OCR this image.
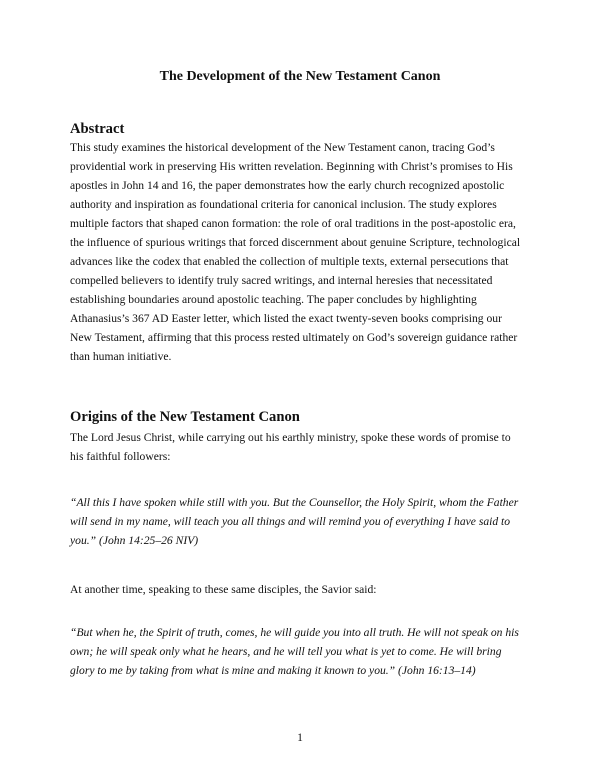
The Development of the New Testament Canon
Abstract
This study examines the historical development of the New Testament canon, tracing God’s
providential work in preserving His written revelation. Beginning with Christ’s promises to His
apostles in John 14 and 16, the paper demonstrates how the early church recognized apostolic
authority and inspiration as foundational criteria for canonical inclusion. The study explores
multiple factors that shaped canon formation: the role of oral traditions in the post-apostolic era,
the influence of spurious writings that forced discernment about genuine Scripture, technological
advances like the codex that enabled the collection of multiple texts, external persecutions that
compelled believers to identify truly sacred writings, and internal heresies that necessitated
establishing boundaries around apostolic teaching. The paper concludes by highlighting
Athanasius’s 367 AD Easter letter, which listed the exact twenty-seven books comprising our
New Testament, affirming that this process rested ultimately on God’s sovereign guidance rather
than human initiative.
Origins of the New Testament Canon
The Lord Jesus Christ, while carrying out his earthly ministry, spoke these words of promise to
his faithful followers:
“All this I have spoken while still with you. But the Counsellor, the Holy Spirit, whom the Father
will send in my name, will teach you all things and will remind you of everything I have said to
you.” (John 14:25–26 NIV)
At another time, speaking to these same disciples, the Savior said:
“But when he, the Spirit of truth, comes, he will guide you into all truth. He will not speak on his
own; he will speak only what he hears, and he will tell you what is yet to come. He will bring
glory to me by taking from what is mine and making it known to you.” (John 16:13–14)
1
